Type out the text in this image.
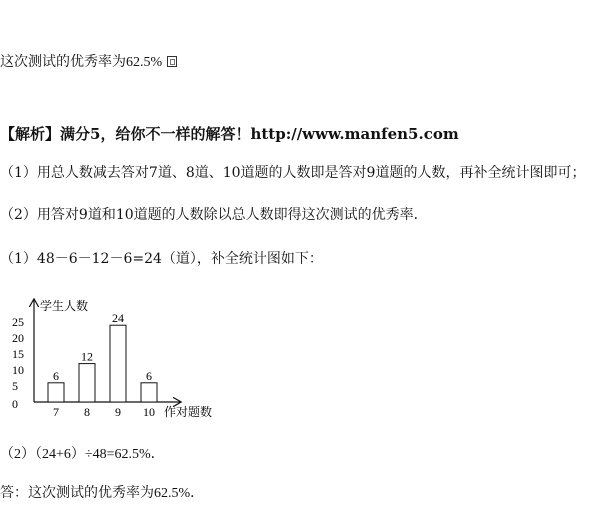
这次测试的优秀率为62.5%
【解析】满分5，给你不一样的解答！http://www.manfen5.com
（1）用总人数减去答对7道、8道、10道题的人数即是答对9道题的人数，再补全统计图即可；
（2）用答对9道和10道题的人数除以总人数即得这次测试的优秀率．
（1）48－6－12－6=24（道），补全统计图如下：
学生人数
作对题数
0
5
10
15
20
25
6
12
24
6
7 8 9 10
（2）（24+6）÷48=62.5%．
答：这次测试的优秀率为62.5%．
